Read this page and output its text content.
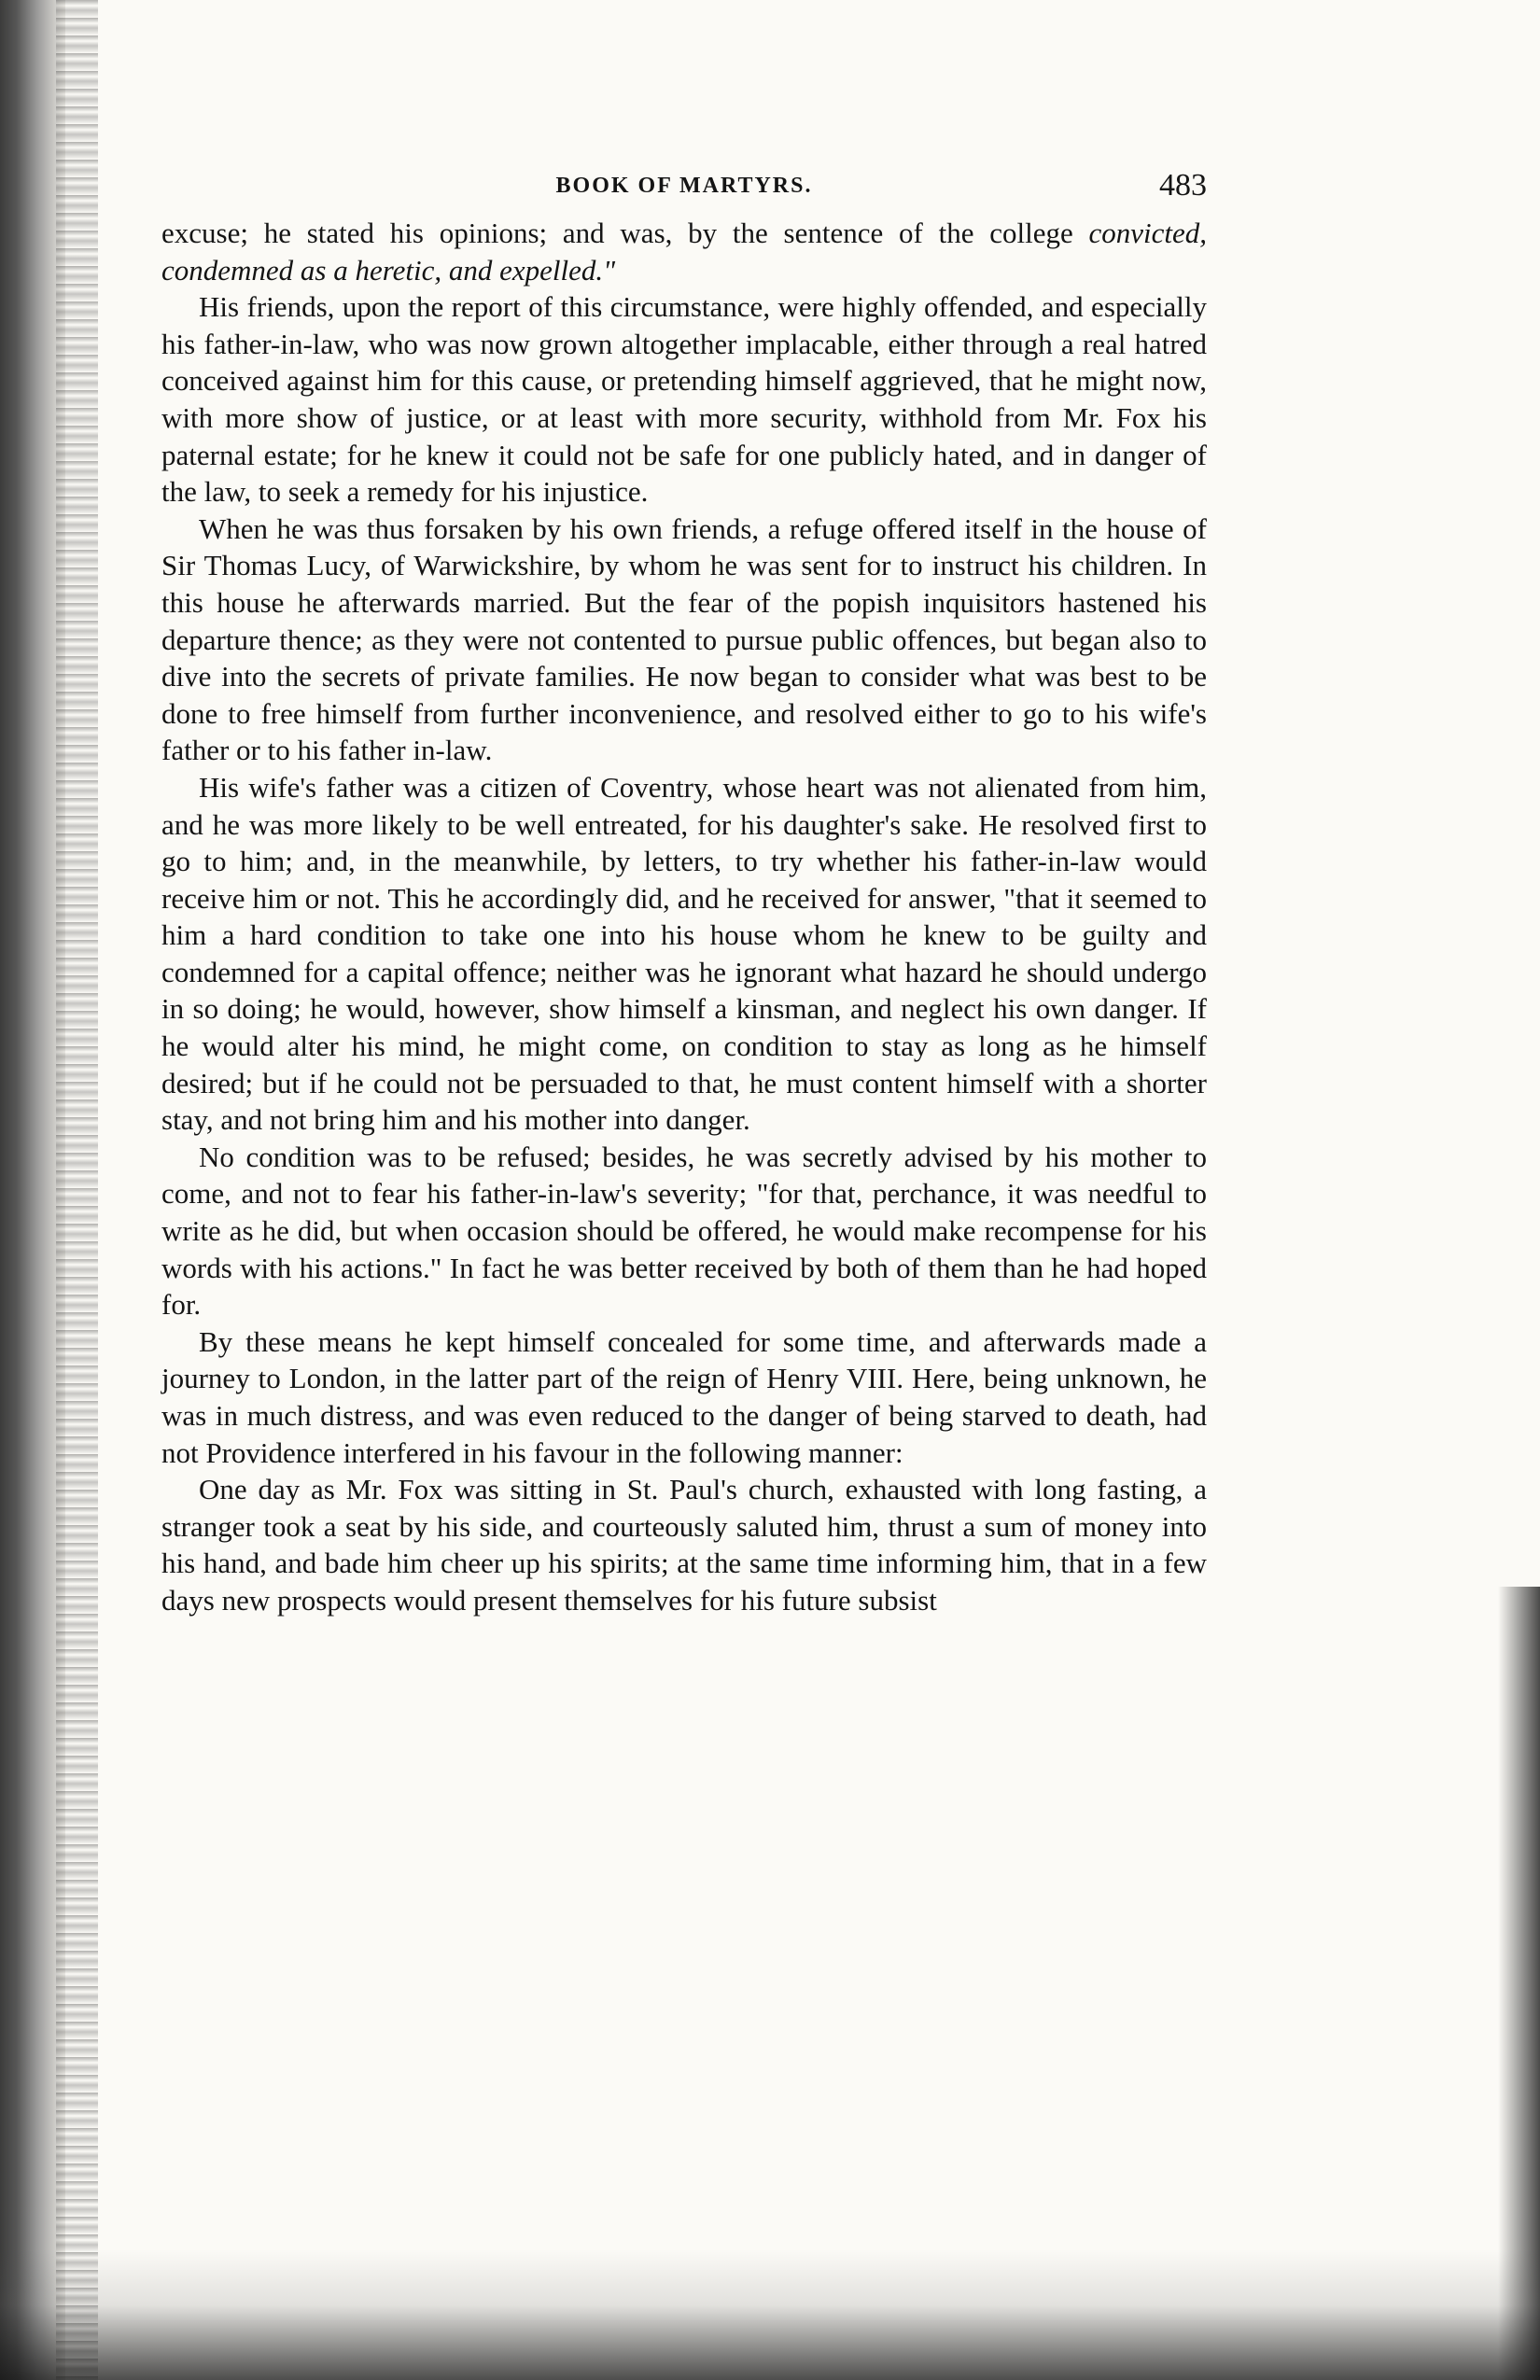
BOOK OF MARTYRS.	483

excuse; he stated his opinions; and was, by the sentence of the college convicted, condemned as a heretic, and expelled."

His friends, upon the report of this circumstance, were highly offended, and especially his father-in-law, who was now grown altogether implacable, either through a real hatred conceived against him for this cause, or pretending himself aggrieved, that he might now, with more show of justice, or at least with more security, withhold from Mr. Fox his paternal estate; for he knew it could not be safe for one publicly hated, and in danger of the law, to seek a remedy for his injustice.

When he was thus forsaken by his own friends, a refuge offered itself in the house of Sir Thomas Lucy, of Warwickshire, by whom he was sent for to instruct his children. In this house he afterwards married. But the fear of the popish inquisitors hastened his departure thence; as they were not contented to pursue public offences, but began also to dive into the secrets of private families. He now began to consider what was best to be done to free himself from further inconvenience, and resolved either to go to his wife's father or to his father in-law.

His wife's father was a citizen of Coventry, whose heart was not alienated from him, and he was more likely to be well entreated, for his daughter's sake. He resolved first to go to him; and, in the meanwhile, by letters, to try whether his father-in-law would receive him or not. This he accordingly did, and he received for answer, "that it seemed to him a hard condition to take one into his house whom he knew to be guilty and condemned for a capital offence; neither was he ignorant what hazard he should undergo in so doing; he would, however, show himself a kinsman, and neglect his own danger. If he would alter his mind, he might come, on condition to stay as long as he himself desired; but if he could not be persuaded to that, he must content himself with a shorter stay, and not bring him and his mother into danger.

No condition was to be refused; besides, he was secretly advised by his mother to come, and not to fear his father-in-law's severity; "for that, perchance, it was needful to write as he did, but when occasion should be offered, he would make recompense for his words with his actions." In fact he was better received by both of them than he had hoped for.

By these means he kept himself concealed for some time, and afterwards made a journey to London, in the latter part of the reign of Henry VIII. Here, being unknown, he was in much distress, and was even reduced to the danger of being starved to death, had not Providence interfered in his favour in the following manner:

One day as Mr. Fox was sitting in St. Paul's church, exhausted with long fasting, a stranger took a seat by his side, and courteously saluted him, thrust a sum of money into his hand, and bade him cheer up his spirits; at the same time informing him, that in a few days new prospects would present themselves for his future subsist
